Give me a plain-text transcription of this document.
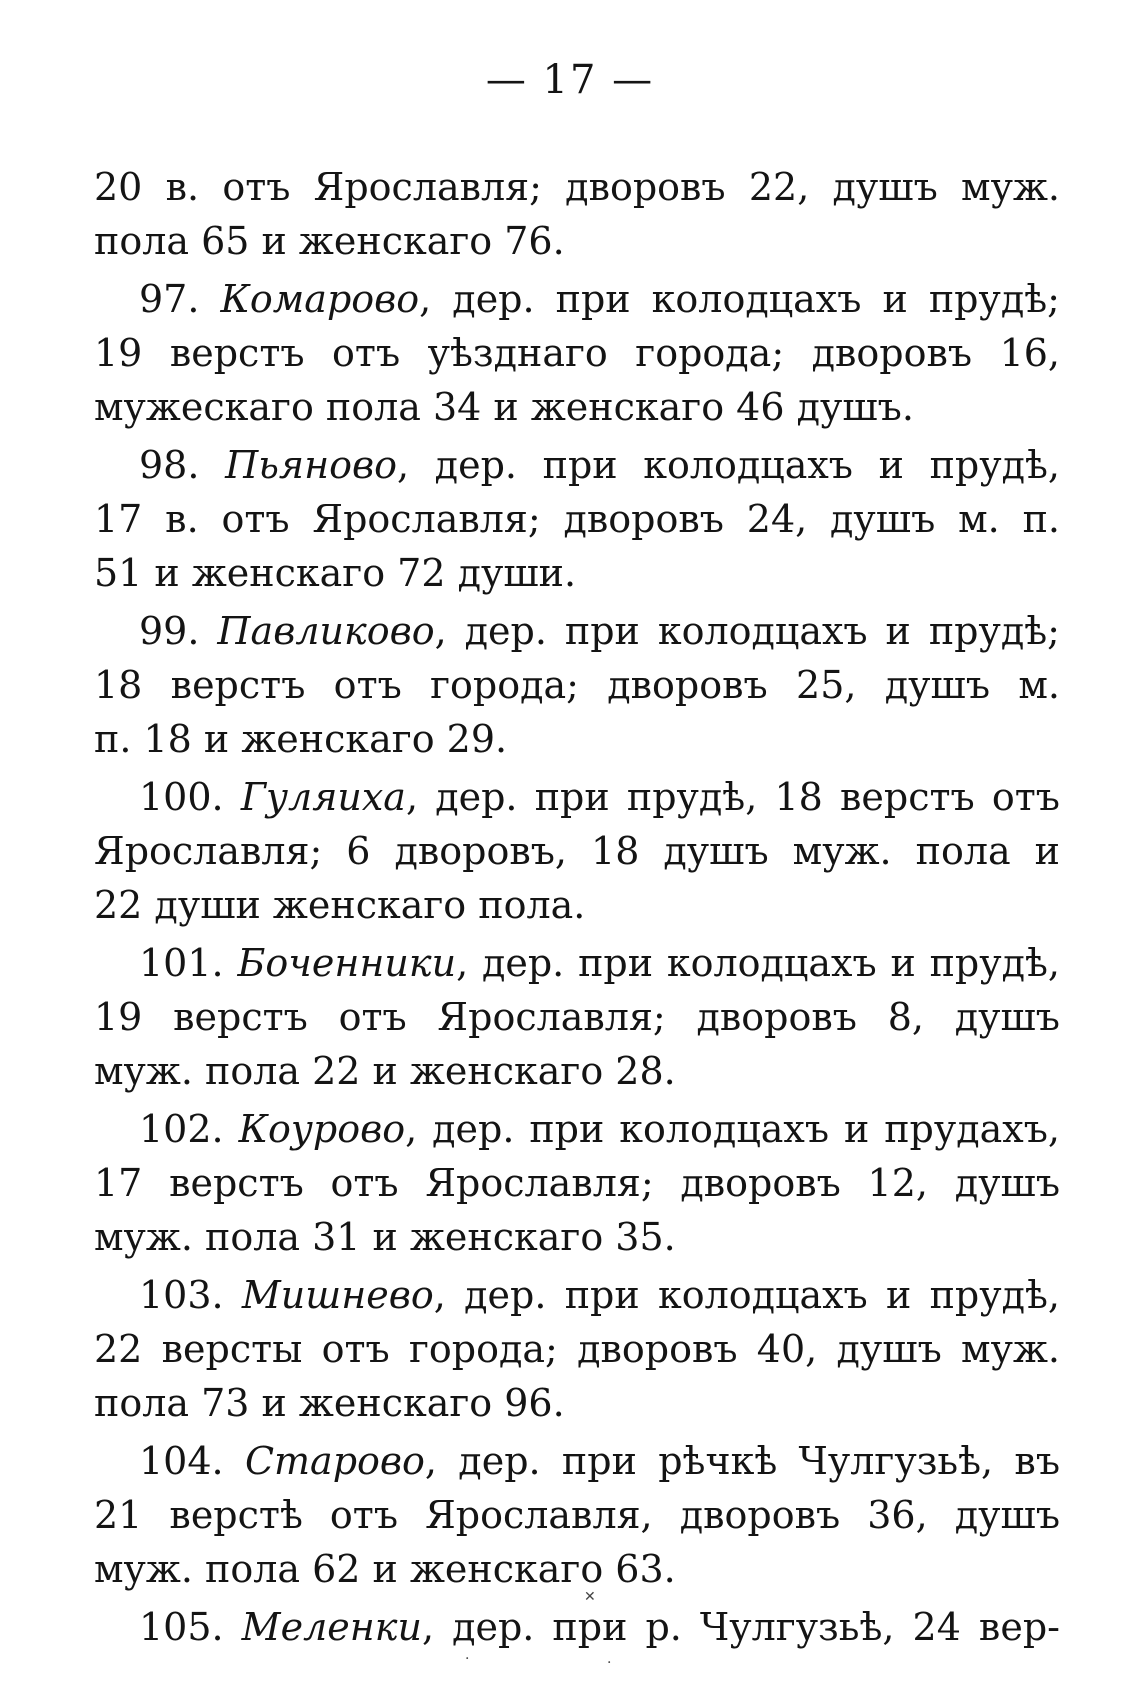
— 17 —
20 в. отъ Ярославля; дворовъ 22, душъ муж.
пола 65 и женскаго 76.
97. Комарово, дер. при колодцахъ и прудѣ;
19 верстъ отъ уѣзднаго города; дворовъ 16,
мужескаго пола 34 и женскаго 46 душъ.
98. Пьяново, дер. при колодцахъ и прудѣ,
17 в. отъ Ярославля; дворовъ 24, душъ м. п.
51 и женскаго 72 души.
99. Павликово, дер. при колодцахъ и прудѣ;
18 верстъ отъ города; дворовъ 25, душъ м.
п. 18 и женскаго 29.
100. Гуляиха, дер. при прудѣ, 18 верстъ отъ
Ярославля; 6 дворовъ, 18 душъ муж. пола и
22 души женскаго пола.
101. Боченники, дер. при колодцахъ и прудѣ,
19 верстъ отъ Ярославля; дворовъ 8, душъ
муж. пола 22 и женскаго 28.
102. Коурово, дер. при колодцахъ и прудахъ,
17 верстъ отъ Ярославля; дворовъ 12, душъ
муж. пола 31 и женскаго 35.
103. Мишнево, дер. при колодцахъ и прудѣ,
22 версты отъ города; дворовъ 40, душъ муж.
пола 73 и женскаго 96.
104. Старово, дер. при рѣчкѣ Чулгузьѣ, въ
21 верстѣ отъ Ярославля, дворовъ 36, душъ
муж. пола 62 и женскаго 63.
105. Меленки, дер. при р. Чулгузьѣ, 24 вер-
✕
·	·
